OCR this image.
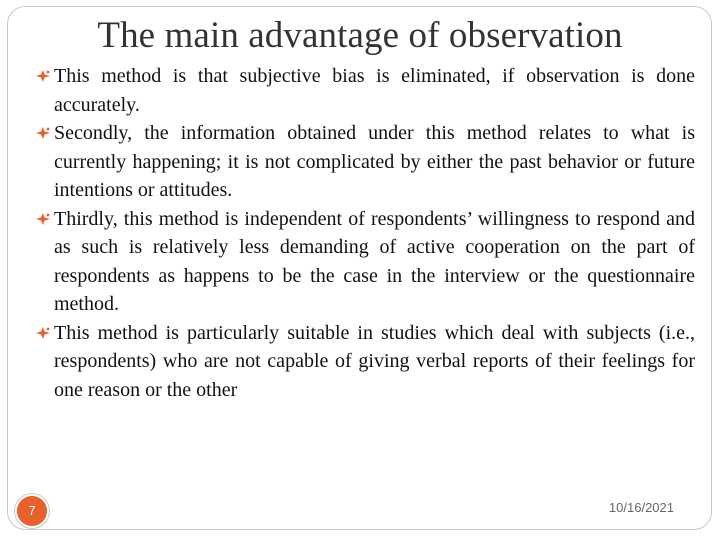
The main advantage of observation
This method is that subjective bias is eliminated, if observation is done accurately.
Secondly, the information obtained under this method relates to what is currently happening; it is not complicated by either the past behavior or future intentions or attitudes.
Thirdly, this method is independent of respondents’ willingness to respond and as such is relatively less demanding of active cooperation on the part of respondents as happens to be the case in the interview or the questionnaire method.
This method is particularly suitable in studies which deal with subjects (i.e., respondents) who are not capable of giving verbal reports of their feelings for one reason or the other
7	10/16/2021
